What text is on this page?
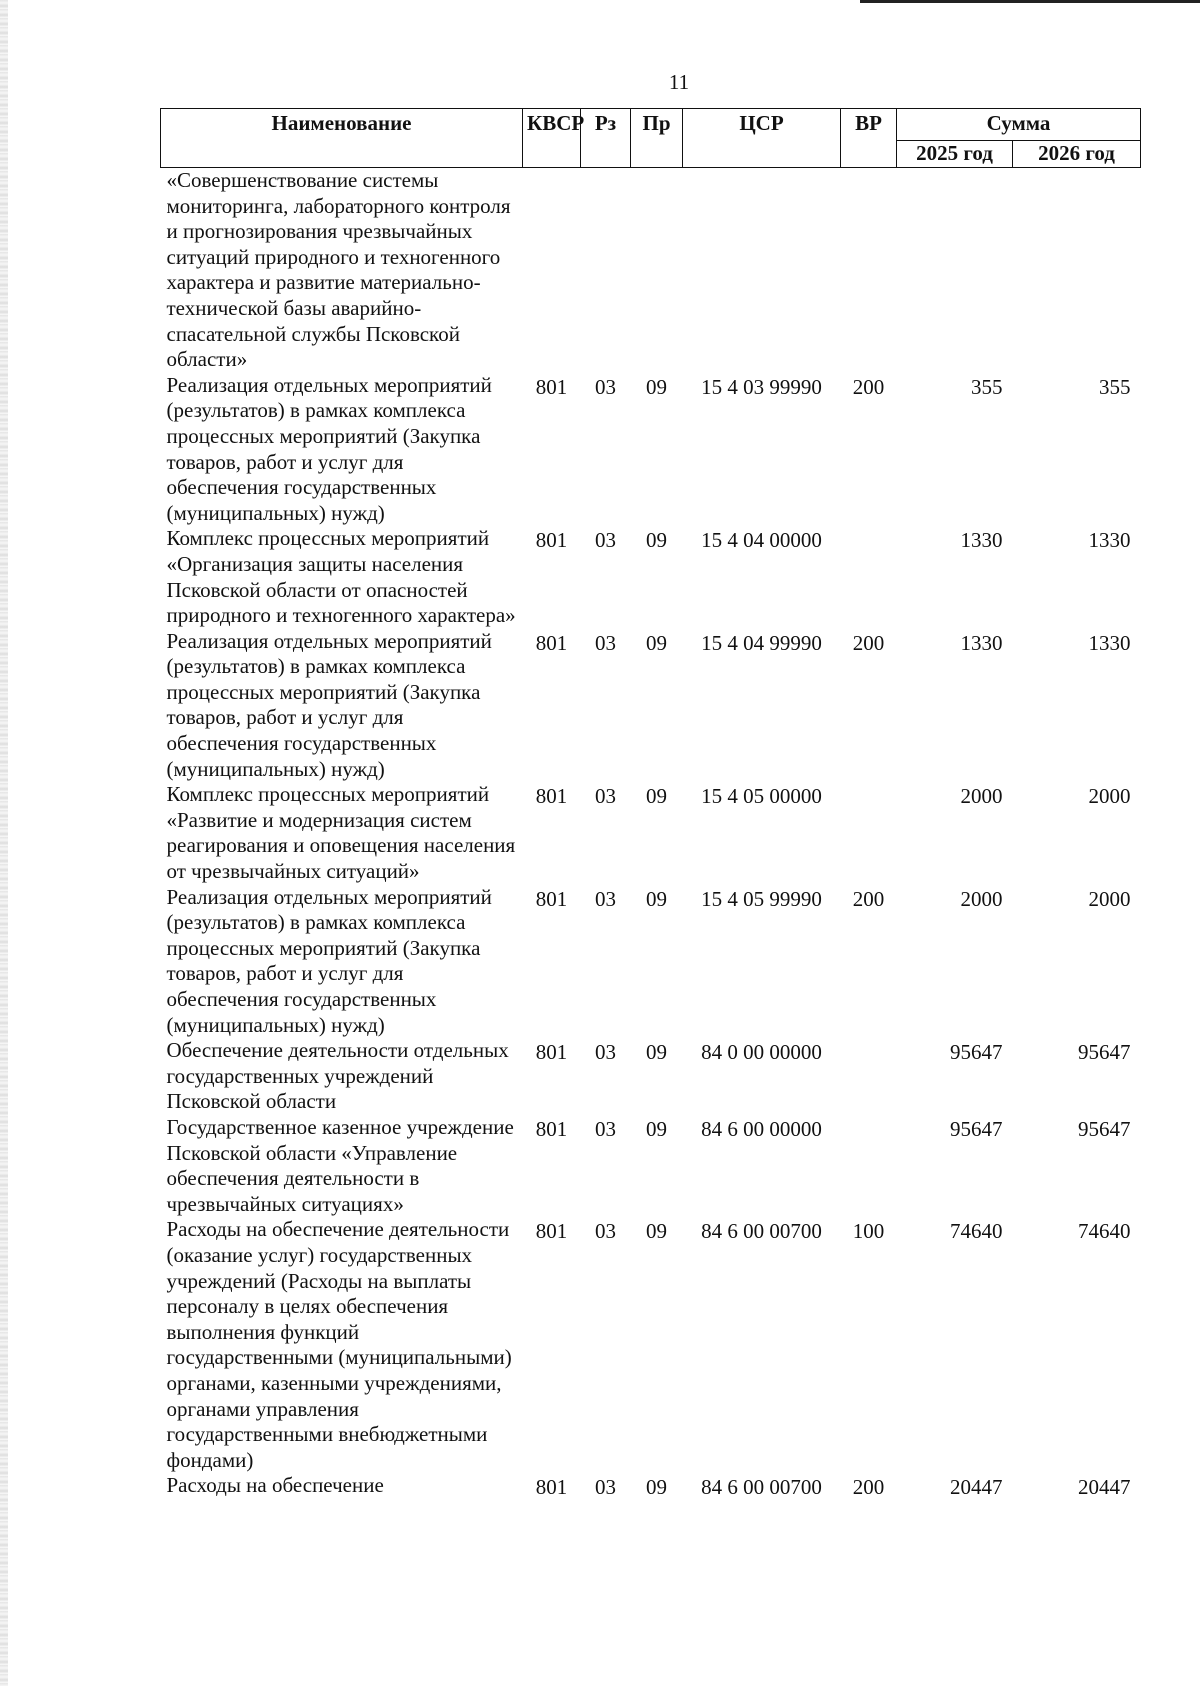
11
Наименование	КВСР	Рз	Пр	ЦСР	ВР	Сумма	
						2025 год	2026 год
«Совершенствование системы мониторинга, лабораторного контроля и прогнозирования чрезвычайных ситуаций природного и техногенного характера и развитие материально-технической базы аварийно-спасательной службы Псковской области»							
Реализация отдельных мероприятий (результатов) в рамках комплекса процессных мероприятий (Закупка товаров, работ и услуг для обеспечения государственных (муниципальных) нужд)	801	03	09	15 4 03 99990	200	355	355
Комплекс процессных мероприятий «Организация защиты населения Псковской области от опасностей природного и техногенного характера»	801	03	09	15 4 04 00000		1330	1330
Реализация отдельных мероприятий (результатов) в рамках комплекса процессных мероприятий (Закупка товаров, работ и услуг для обеспечения государственных (муниципальных) нужд)	801	03	09	15 4 04 99990	200	1330	1330
Комплекс процессных мероприятий «Развитие и модернизация систем реагирования и оповещения населения от чрезвычайных ситуаций»	801	03	09	15 4 05 00000		2000	2000
Реализация отдельных мероприятий (результатов) в рамках комплекса процессных мероприятий (Закупка товаров, работ и услуг для обеспечения государственных (муниципальных) нужд)	801	03	09	15 4 05 99990	200	2000	2000
Обеспечение деятельности отдельных государственных учреждений Псковской области	801	03	09	84 0 00 00000		95647	95647
Государственное казенное учреждение Псковской области «Управление обеспечения деятельности в чрезвычайных ситуациях»	801	03	09	84 6 00 00000		95647	95647
Расходы на обеспечение деятельности (оказание услуг) государственных учреждений (Расходы на выплаты персоналу в целях обеспечения выполнения функций государственными (муниципальными) органами, казенными учреждениями, органами управления государственными внебюджетными фондами)	801	03	09	84 6 00 00700	100	74640	74640
Расходы на обеспечение	801	03	09	84 6 00 00700	200	20447	20447
